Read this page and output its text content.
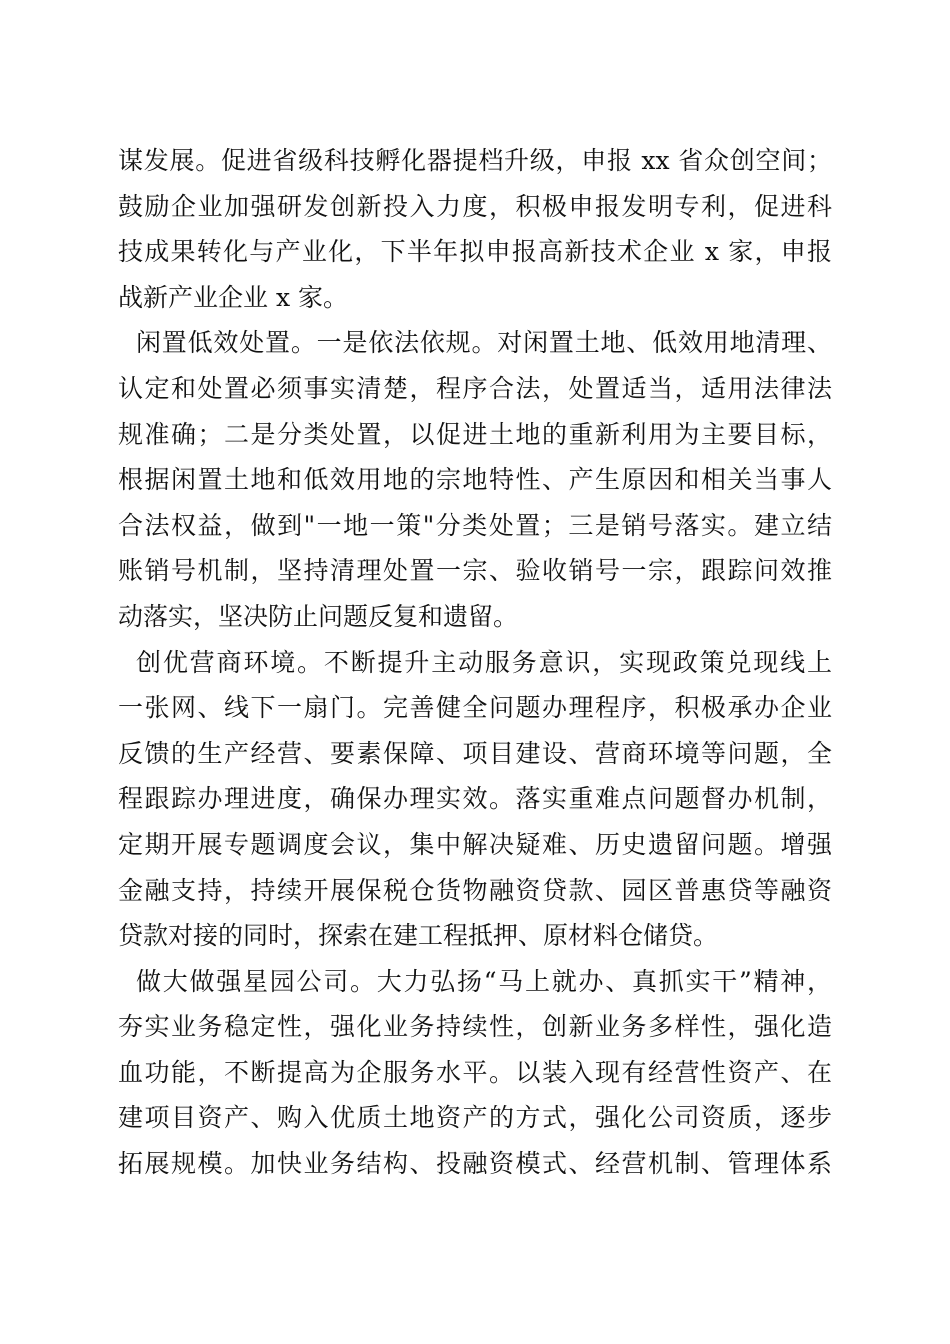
谋发展。促进省级科技孵化器提档升级，申报 xx 省众创空间；
鼓励企业加强研发创新投入力度，积极申报发明专利，促进科
技成果转化与产业化，下半年拟申报高新技术企业 x 家，申报
战新产业企业 x 家。
闲置低效处置。一是依法依规。对闲置土地、低效用地清理、
认定和处置必须事实清楚，程序合法，处置适当，适用法律法
规准确；二是分类处置，以促进土地的重新利用为主要目标，
根据闲置土地和低效用地的宗地特性、产生原因和相关当事人
合法权益，做到"一地一策"分类处置；三是销号落实。建立结
账销号机制，坚持清理处置一宗、验收销号一宗，跟踪问效推
动落实，坚决防止问题反复和遗留。
创优营商环境。不断提升主动服务意识，实现政策兑现线上
一张网、线下一扇门。完善健全问题办理程序，积极承办企业
反馈的生产经营、要素保障、项目建设、营商环境等问题，全
程跟踪办理进度，确保办理实效。落实重难点问题督办机制，
定期开展专题调度会议，集中解决疑难、历史遗留问题。增强
金融支持，持续开展保税仓货物融资贷款、园区普惠贷等融资
贷款对接的同时，探索在建工程抵押、原材料仓储贷。
做大做强星园公司。大力弘扬“马上就办、真抓实干”精神，
夯实业务稳定性，强化业务持续性，创新业务多样性，强化造
血功能，不断提高为企服务水平。以装入现有经营性资产、在
建项目资产、购入优质土地资产的方式，强化公司资质，逐步
拓展规模。加快业务结构、投融资模式、经营机制、管理体系
